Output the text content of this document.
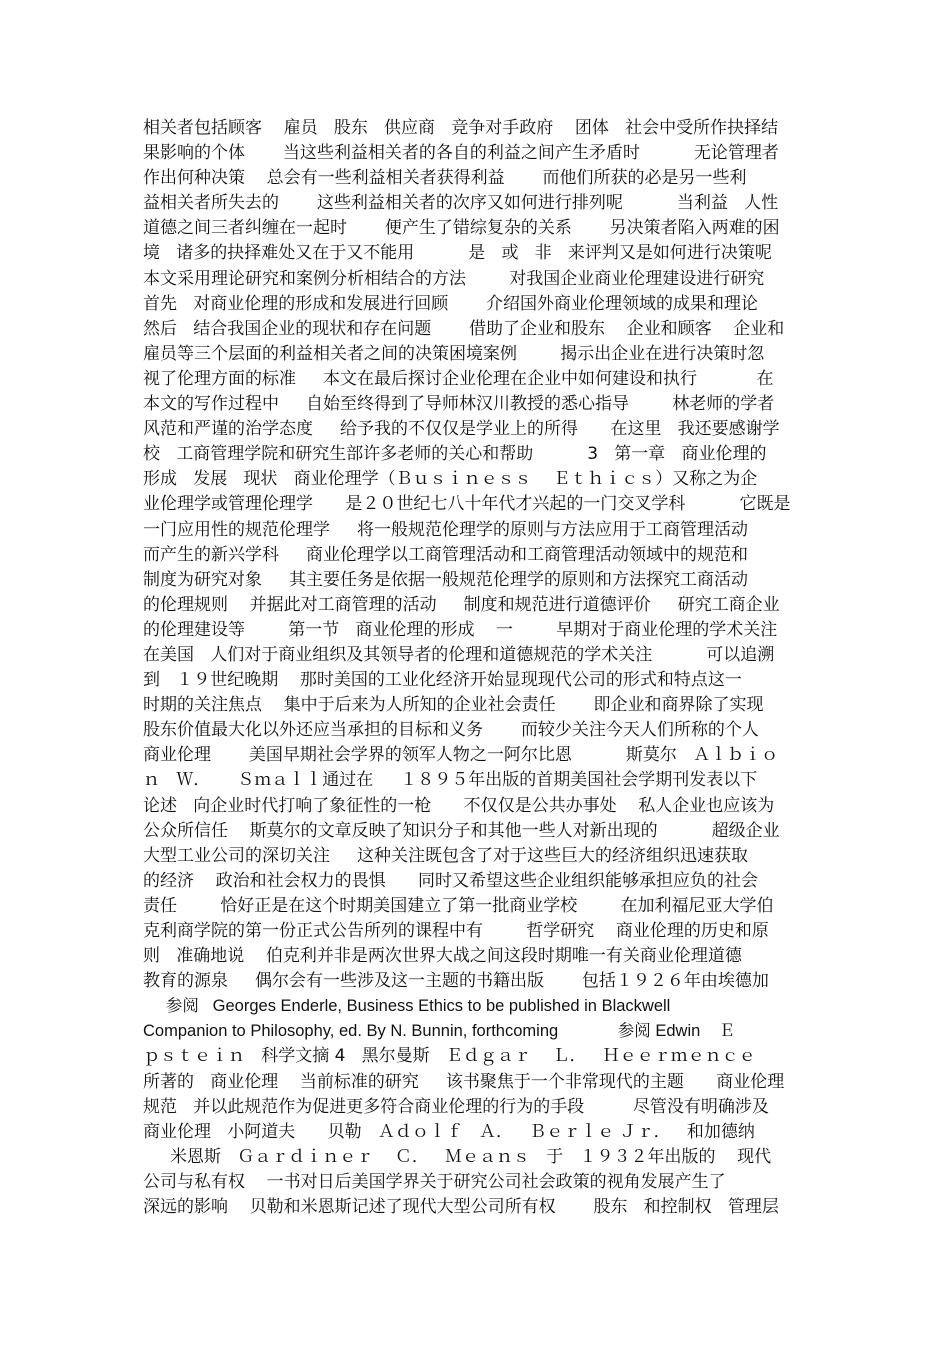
相关者包括顾客    雇员   股东   供应商   竞争对手政府    团体   社会中受所作抉择结
果影响的个体       当这些利益相关者的各自的利益之间产生矛盾时          无论管理者
作出何种决策    总会有一些利益相关者获得利益       而他们所获的必是另一些利
益相关者所失去的       这些利益相关者的次序又如何进行排列呢          当利益   人性
道德之间三者纠缠在一起时       便产生了错综复杂的关系       另决策者陷入两难的困
境   诸多的抉择难处又在于又不能用          是   或   非   来评判又是如何进行决策呢
本文采用理论研究和案例分析相结合的方法        对我国企业商业伦理建设进行研究
首先   对商业伦理的形成和发展进行回顾       介绍国外商业伦理领域的成果和理论
然后   结合我国企业的现状和存在问题       借助了企业和股东    企业和顾客    企业和
雇员等三个层面的利益相关者之间的决策困境案例        揭示出企业在进行决策时忽
视了伦理方面的标准     本文在最后探讨企业伦理在企业中如何建设和执行           在
本文的写作过程中     自始至终得到了导师林汉川教授的悉心指导        林老师的学者
风范和严谨的治学态度     给予我的不仅仅是学业上的所得      在这里   我还要感谢学
校   工商管理学院和研究生部许多老师的关心和帮助          3   第一章   商业伦理的
形成   发展   现状   商业伦理学（Ｂｕｓｉｎｅｓｓ    Ｅｔｈｉｃｓ）又称之为企
业伦理学或管理伦理学      是２０世纪七八十年代才兴起的一门交叉学科          它既是
一门应用性的规范伦理学     将一般规范伦理学的原则与方法应用于工商管理活动
而产生的新兴学科     商业伦理学以工商管理活动和工商管理活动领域中的规范和
制度为研究对象     其主要任务是依据一般规范伦理学的原则和方法探究工商活动
的伦理规则    并据此对工商管理的活动     制度和规范进行道德评价     研究工商企业
的伦理建设等        第一节   商业伦理的形成    一        早期对于商业伦理的学术关注
在美国   人们对于商业组织及其领导者的伦理和道德规范的学术关注          可以追溯
到   １９世纪晚期    那时美国的工业化经济开始显现现代公司的形式和特点这一
时期的关注焦点    集中于后来为人所知的企业社会责任       即企业和商界除了实现
股东价值最大化以外还应当承担的目标和义务       而较少关注今天人们所称的个人
商业伦理       美国早期社会学界的领军人物之一阿尔比恩          斯莫尔   Ａｌｂｉｏ
ｎ   Ｗ．     Ｓｍａｌｌ通过在     １８９５年出版的首期美国社会学期刊发表以下
论述   向企业时代打响了象征性的一枪      不仅仅是公共办事处    私人企业也应该为
公众所信任    斯莫尔的文章反映了知识分子和其他一些人对新出现的          超级企业
大型工业公司的深切关注     这种关注既包含了对于这些巨大的经济组织迅速获取
的经济    政治和社会权力的畏惧      同时又希望这些企业组织能够承担应负的社会
责任        恰好正是在这个时期美国建立了第一批商业学校        在加利福尼亚大学伯
克利商学院的第一份正式公告所列的课程中有        哲学研究    商业伦理的历史和原
则   准确地说    伯克利并非是两次世界大战之间这段时期唯一有关商业伦理道德
教育的源泉     偶尔会有一些涉及这一主题的书籍出版       包括１９２６年由埃德加
参阅   Georges Enderle, Business Ethics to be published in Blackwell
Companion to Philosophy, ed. By N. Bunnin, forthcoming             参阅 Edwin    Ｅ
ｐｓｔｅｉｎ   科学文摘 4   黑尔曼斯   Ｅｄｇａｒ    Ｌ．   Ｈｅｅｒｍｅｎｃｅ
所著的   商业伦理    当前标准的研究     该书聚焦于一个非常现代的主题      商业伦理
规范   并以此规范作为促进更多符合商业伦理的行为的手段         尽管没有明确涉及
商业伦理   小阿道夫      贝勒   Ａｄｏｌｆ   Ａ．   Ｂｅｒｌｅ Ｊｒ．   和加德纳
米恩斯   Ｇａｒｄｉｎｅｒ    Ｃ．   Ｍｅａｎｓ   于   １９３２年出版的    现代
公司与私有权    一书对日后美国学界关于研究公司社会政策的视角发展产生了
深远的影响    贝勒和米恩斯记述了现代大型公司所有权       股东   和控制权   管理层
